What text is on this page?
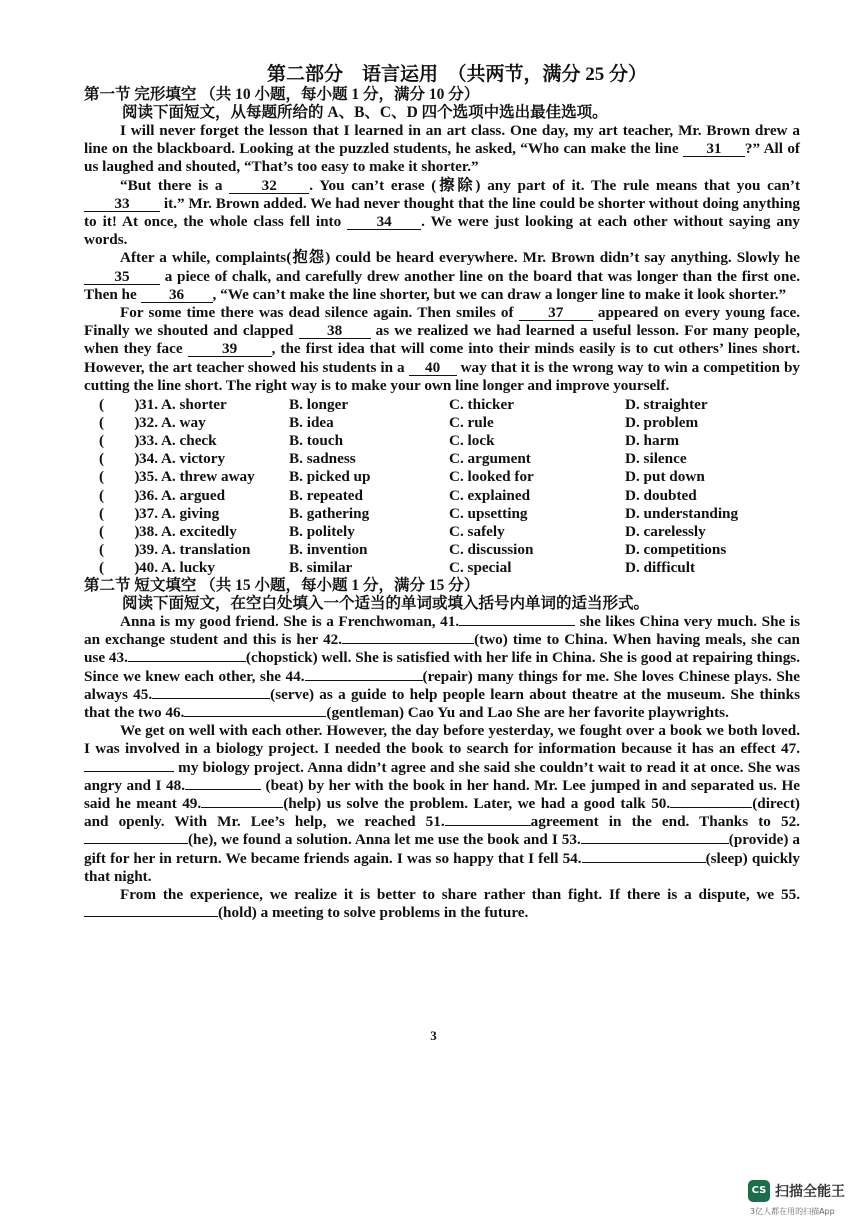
第二部分　语言运用　（共两节，满分 25 分）
第一节 完形填空 （共 10 小题，每小题 1 分，满分 10 分）
阅读下面短文，从每题所给的 A、B、C、D 四个选项中选出最佳选项。

I will never forget the lesson that I learned in an art class. One day, my art teacher, Mr. Brown drew a line on the blackboard. Looking at the puzzled students, he asked, “Who can make the line 31 ?” All of us laughed and shouted, “That’s too easy to make it shorter.”

“But there is a 32 . You can’t erase (擦除) any part of it. The rule means that you can’t 33 it.” Mr. Brown added. We had never thought that the line could be shorter without doing anything to it! At once, the whole class fell into 34 . We were just looking at each other without saying any words.

After a while, complaints(抱怨) could be heard everywhere. Mr. Brown didn’t say anything. Slowly he 35 a piece of chalk, and carefully drew another line on the board that was longer than the first one. Then he 36 , “We can’t make the line shorter, but we can draw a longer line to make it look shorter.”

For some time there was dead silence again. Then smiles of 37 appeared on every young face. Finally we shouted and clapped 38 as we realized we had learned a useful lesson. For many people, when they face 39 , the first idea that will come into their minds easily is to cut others’ lines short. However, the art teacher showed his students in a 40 way that it is the wrong way to win a competition by cutting the line short. The right way is to make your own line longer and improve yourself.

(　　) 31. A. shorter	B. longer	C. thicker	D. straighter
(　　) 32. A. way	B. idea	C. rule	D. problem
(　　) 33. A. check	B. touch	C. lock	D. harm
(　　) 34. A. victory	B. sadness	C. argument	D. silence
(　　) 35. A. threw away	B. picked up	C. looked for	D. put down
(　　) 36. A. argued	B. repeated	C. explained	D. doubted
(　　) 37. A. giving	B. gathering	C. upsetting	D. understanding
(　　) 38. A. excitedly	B. politely	C. safely	D. carelessly
(　　) 39. A. translation	B. invention	C. discussion	D. competitions
(　　) 40. A. lucky	B. similar	C. special	D. difficult
第二节 短文填空 （共 15 小题，每小题 1 分，满分 15 分）
阅读下面短文，在空白处填入一个适当的单词或填入括号内单词的适当形式。

Anna is my good friend. She is a Frenchwoman, 41.	she likes China very much. She is an exchange student and this is her 42.	(two) time to China. When having meals, she can use 43.	(chopstick) well. She is satisfied with her life in China. She is good at repairing things. Since we knew each other, she 44.	(repair) many things for me. She loves Chinese plays. She always 45.	(serve) as a guide to help people learn about theatre at the museum. She thinks that the two 46.	(gentleman) Cao Yu and Lao She are her favorite playwrights.

We get on well with each other. However, the day before yesterday, we fought over a book we both loved. I was involved in a biology project. I needed the book to search for information because it has an effect 47. my biology project. Anna didn’t agree and she said she couldn’t wait to read it at once. She was angry and I 48.	(beat) by her with the book in her hand. Mr. Lee jumped in and separated us. He said he meant 49.	(help) us solve the problem. Later, we had a good talk 50.	(direct) and openly. With Mr. Lee’s help, we reached 51.	agreement in the end. Thanks to 52.(he), we found a solution. Anna let me use the book and I 53.	(provide) a gift for her in return. We became friends again. I was so happy that I fell 54.	(sleep) quickly that night.

From the experience, we realize it is better to share rather than fight. If there is a dispute, we 55.(hold) a meeting to solve problems in the future.

3
CS 扫描全能王
3亿人都在用的扫描App
